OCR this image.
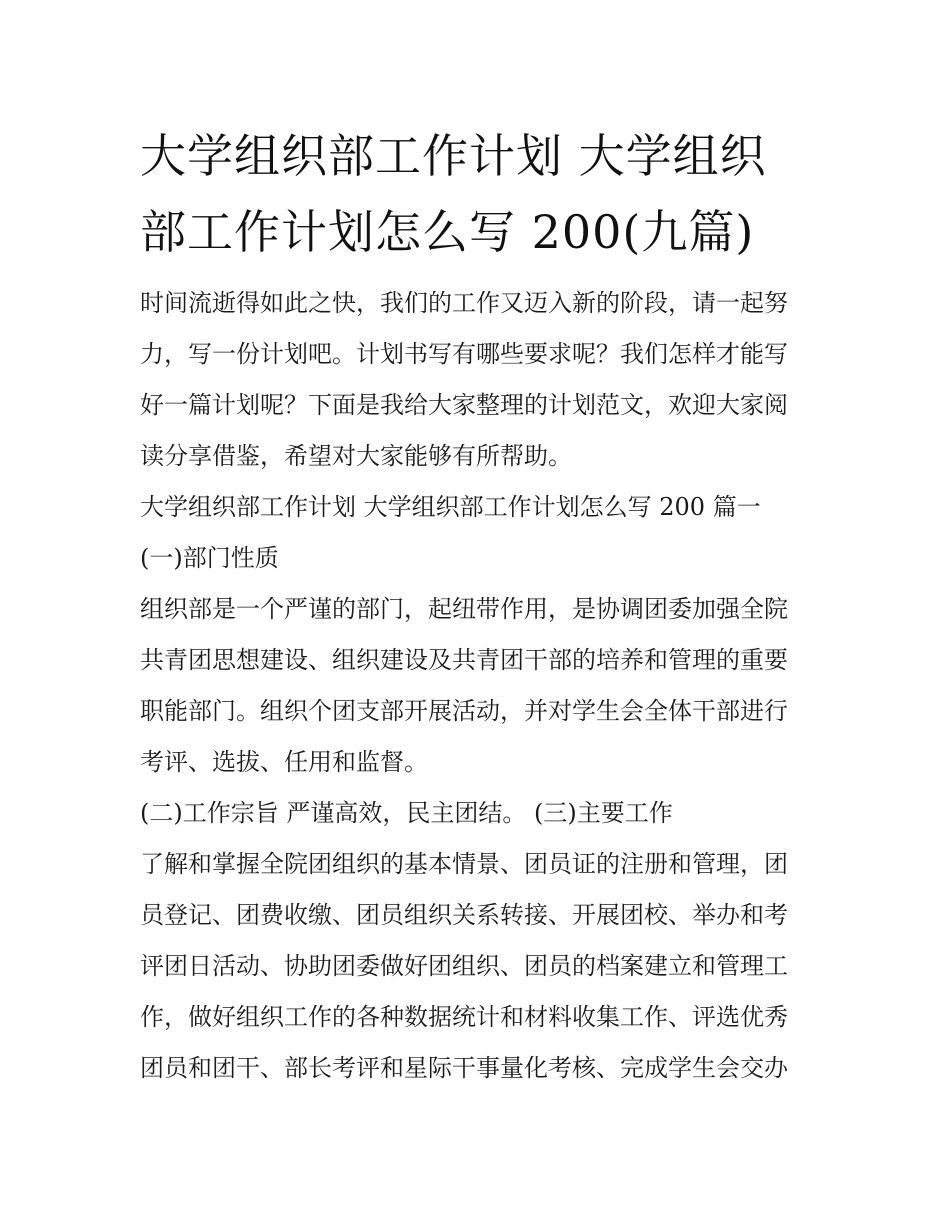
大学组织部工作计划 大学组织
部工作计划怎么写 200(九篇)

时间流逝得如此之快，我们的工作又迈入新的阶段，请一起努
力，写一份计划吧。计划书写有哪些要求呢？我们怎样才能写
好一篇计划呢？下面是我给大家整理的计划范文，欢迎大家阅
读分享借鉴，希望对大家能够有所帮助。

大学组织部工作计划 大学组织部工作计划怎么写 200 篇一

(一)部门性质

组织部是一个严谨的部门，起纽带作用，是协调团委加强全院
共青团思想建设、组织建设及共青团干部的培养和管理的重要
职能部门。组织个团支部开展活动，并对学生会全体干部进行
考评、选拔、任用和监督。

(二)工作宗旨 严谨高效，民主团结。 (三)主要工作

了解和掌握全院团组织的基本情景、团员证的注册和管理，团
员登记、团费收缴、团员组织关系转接、开展团校、举办和考
评团日活动、协助团委做好团组织、团员的档案建立和管理工
作，做好组织工作的各种数据统计和材料收集工作、评选优秀
团员和团干、部长考评和星际干事量化考核、完成学生会交办
